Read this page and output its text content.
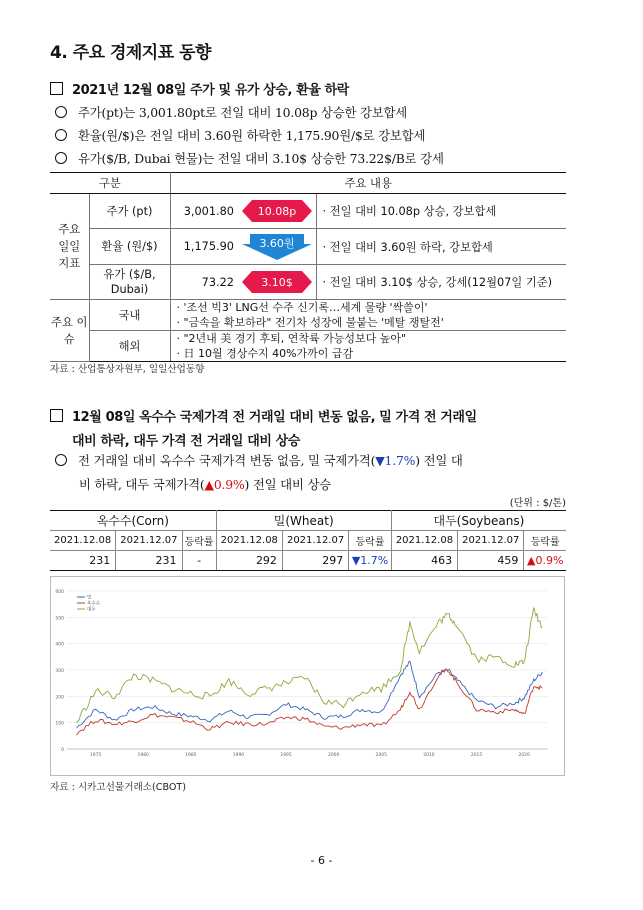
4. 주요 경제지표 동향
2021년 12월 08일 주가 및 유가 상승, 환율 하락
주가(pt)는 3,001.80pt로 전일 대비 10.08p 상승한 강보합세
환율(원/$)은 전일 대비 3.60원 하락한 1,175.90원/$로 강보합세
유가($/B, Dubai 현물)는 전일 대비 3.10$ 상승한 73.22$/B로 강세
구분		주요 내용		
주요 일일 지표	주가 (pt)	3,001.80	10.08p	· 전일 대비 10.08p 상승, 강보합세
	환율 (원/$)	1,175.90	3.60원	· 전일 대비 3.60원 하락, 강보합세
	유가 ($/B, Dubai)	73.22	3.10$	· 전일 대비 3.10$ 상승, 강세(12월07일 기준)
주요 이슈	국내	· '조선 빅3' LNG선 수주 신기록…세계 물량 '싹쓸이'
· "금속을 확보하라" 전기차 성장에 불붙는 '메탈 쟁탈전'		

	해외	· "2년내 美 경기 후퇴, 연착륙 가능성보다 높아"
· 日 10월 경상수지 40%가까이 급감		
자료 : 산업통상자원부, 일일산업동향
12월 08일 옥수수 국제가격 전 거래일 대비 변동 없음, 밀 가격 전 거래일
대비 하락, 대두 가격 전 거래일 대비 상승
전 거래일 대비 옥수수 국제가격 변동 없음, 밀 국제가격(▼1.7%) 전일 대
비 하락, 대두 국제가격(▲0.9%) 전일 대비 상승
(단위 : $/톤)
옥수수(Corn)			밀(Wheat)			대두(Soybeans)		
2021.12.08	2021.12.07	등락률	2021.12.08	2021.12.07	등락률	2021.12.08	2021.12.07	등락률
231	231	-	292	297	▼1.7%	463	459	▲0.9%
0
100
200
300
400
500
600
1975	1980	1985	1990	1995	2000	2005	2010	2015	2020
밀
옥수수
대두
자료 : 시카고선물거래소(CBOT)
- 6 -
